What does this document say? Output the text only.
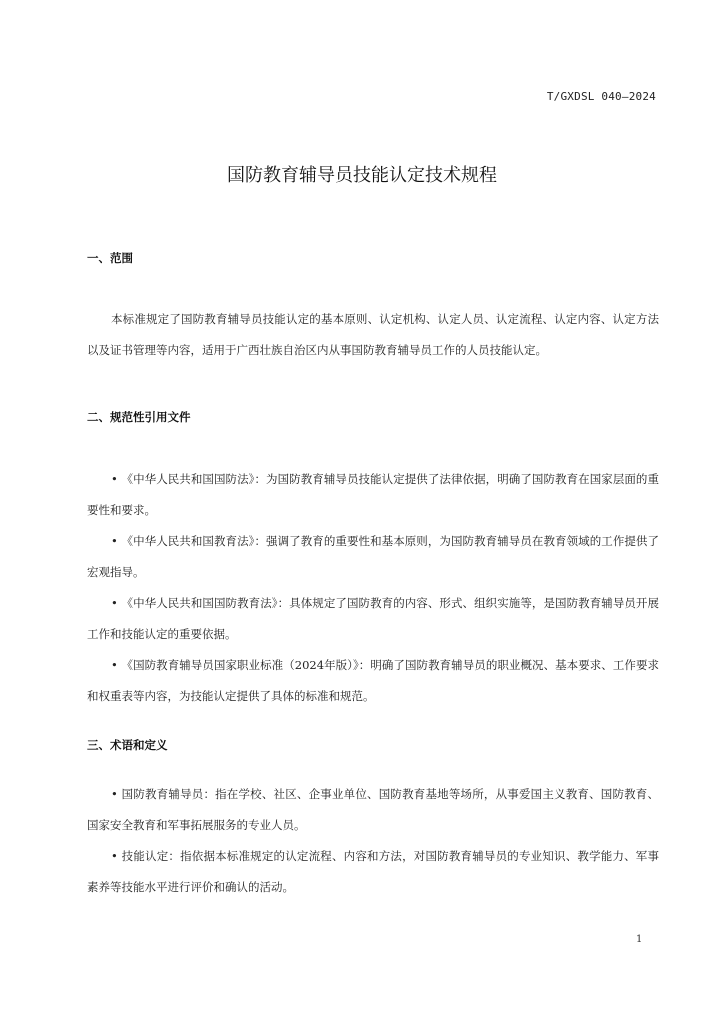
T/GXDSL 040—2024
国防教育辅导员技能认定技术规程
一、范围
本标准规定了国防教育辅导员技能认定的基本原则、认定机构、认定人员、认定流程、认定内容、认定方法以及证书管理等内容，适用于广西壮族自治区内从事国防教育辅导员工作的人员技能认定。
二、规范性引用文件
• 《中华人民共和国国防法》：为国防教育辅导员技能认定提供了法律依据，明确了国防教育在国家层面的重要性和要求。
• 《中华人民共和国教育法》：强调了教育的重要性和基本原则，为国防教育辅导员在教育领域的工作提供了宏观指导。
• 《中华人民共和国国防教育法》：具体规定了国防教育的内容、形式、组织实施等，是国防教育辅导员开展工作和技能认定的重要依据。
• 《国防教育辅导员国家职业标准（2024年版）》：明确了国防教育辅导员的职业概况、基本要求、工作要求和权重表等内容，为技能认定提供了具体的标准和规范。
三、术语和定义
• 国防教育辅导员：指在学校、社区、企事业单位、国防教育基地等场所，从事爱国主义教育、国防教育、国家安全教育和军事拓展服务的专业人员。
• 技能认定：指依据本标准规定的认定流程、内容和方法，对国防教育辅导员的专业知识、教学能力、军事素养等技能水平进行评价和确认的活动。
1
